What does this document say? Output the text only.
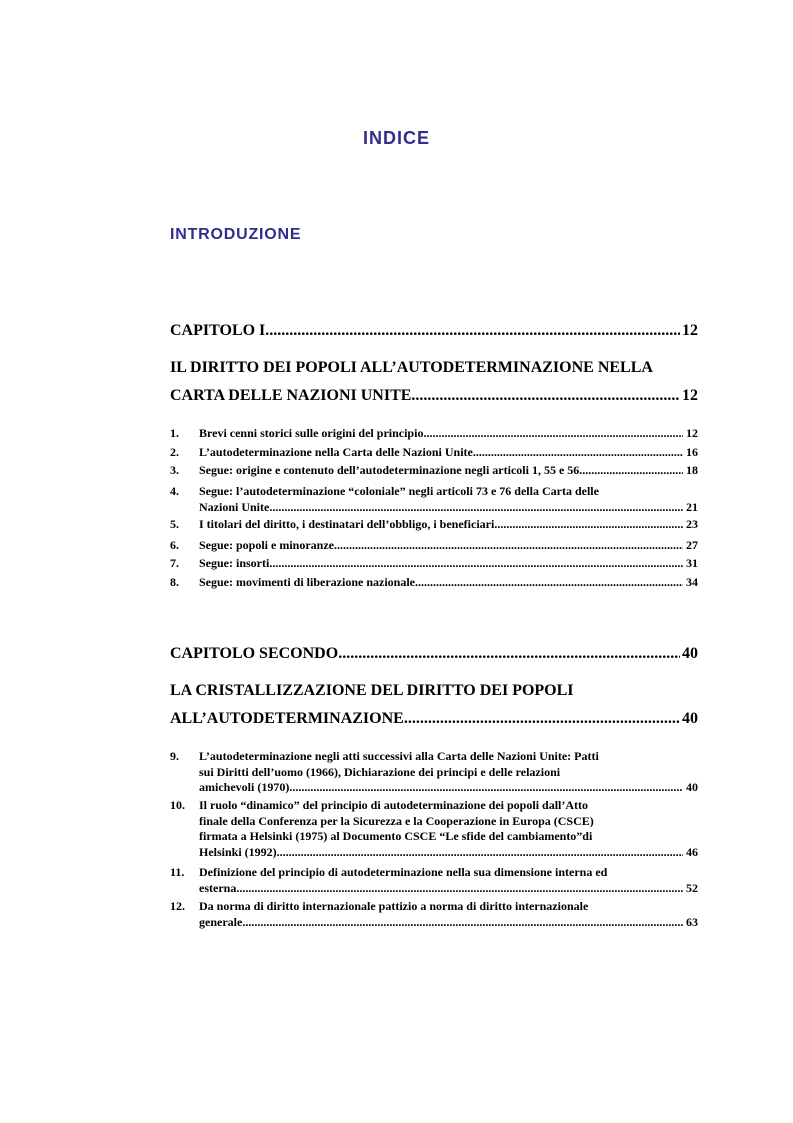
INDICE
INTRODUZIONE
CAPITOLO I .....	12
IL DIRITTO DEI POPOLI ALL’AUTODETERMINAZIONE NELLA
CARTA DELLE NAZIONI UNITE .....	12
1. Brevi cenni storici sulle origini del principio .....	12
2. L’autodeterminazione nella Carta delle Nazioni Unite .....	16
3. Segue: origine e contenuto dell’autodeterminazione negli articoli 1, 55 e 56 .....	18
4. Segue: l’autodeterminazione “coloniale” negli articoli 73 e 76 della Carta delle
Nazioni Unite .....	21
5. I titolari del diritto, i destinatari dell’obbligo, i beneficiari .....	23
6. Segue: popoli e minoranze .....	27
7. Segue: insorti .....	31
8. Segue: movimenti di liberazione nazionale .....	34
CAPITOLO SECONDO .....	40
LA CRISTALLIZZAZIONE DEL DIRITTO DEI POPOLI
ALL’AUTODETERMINAZIONE .....	40
9. L’autodeterminazione negli atti successivi alla Carta delle Nazioni Unite: Patti
sui Diritti dell’uomo (1966), Dichiarazione dei principi e delle relazioni
amichevoli (1970) .....	40
10. Il ruolo “dinamico” del principio di autodeterminazione dei popoli dall’Atto
finale della Conferenza per la Sicurezza e la Cooperazione in Europa (CSCE)
firmata a Helsinki (1975) al Documento CSCE “Le sfide del cambiamento”di
Helsinki (1992) .....	46
11. Definizione del principio di autodeterminazione nella sua dimensione interna ed
esterna .....	52
12. Da norma di diritto internazionale pattizio a norma di diritto internazionale
generale .....	63
